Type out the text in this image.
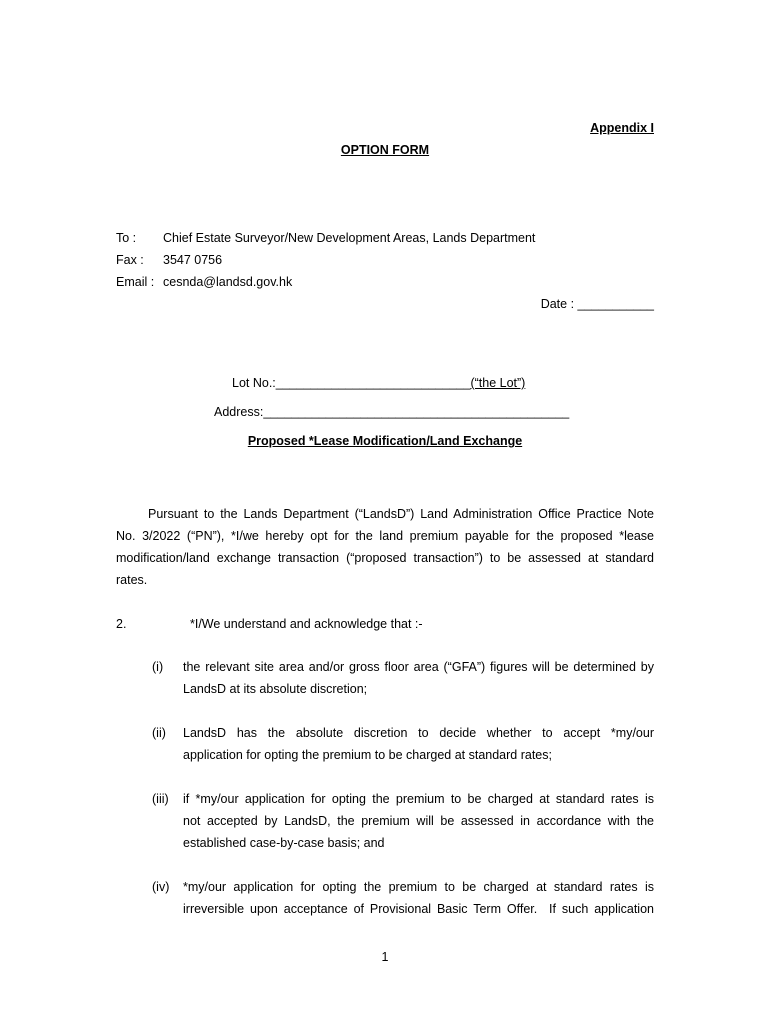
Appendix I
OPTION FORM
To : Chief Estate Surveyor/New Development Areas, Lands Department
Fax : 3547 0756
Email : cesnda@landsd.gov.hk
Date : ___________
Lot No.:____________________________(“the Lot”)
Address:____________________________________________
Proposed *Lease Modification/Land Exchange
Pursuant to the Lands Department (“LandsD”) Land Administration Office Practice Note
No. 3/2022 (“PN”), *I/we hereby opt for the land premium payable for the proposed *lease
modification/land exchange transaction (“proposed transaction”) to be assessed at standard
rates.
2.	*I/We understand and acknowledge that :-
(i) the relevant site area and/or gross floor area (“GFA”) figures will be determined by
LandsD at its absolute discretion;
(ii) LandsD has the absolute discretion to decide whether to accept *my/our
application for opting the premium to be charged at standard rates;
(iii) if *my/our application for opting the premium to be charged at standard rates is
not accepted by LandsD, the premium will be assessed in accordance with the
established case-by-case basis; and
(iv) *my/our application for opting the premium to be charged at standard rates is
irreversible upon acceptance of Provisional Basic Term Offer.  If such application
1
